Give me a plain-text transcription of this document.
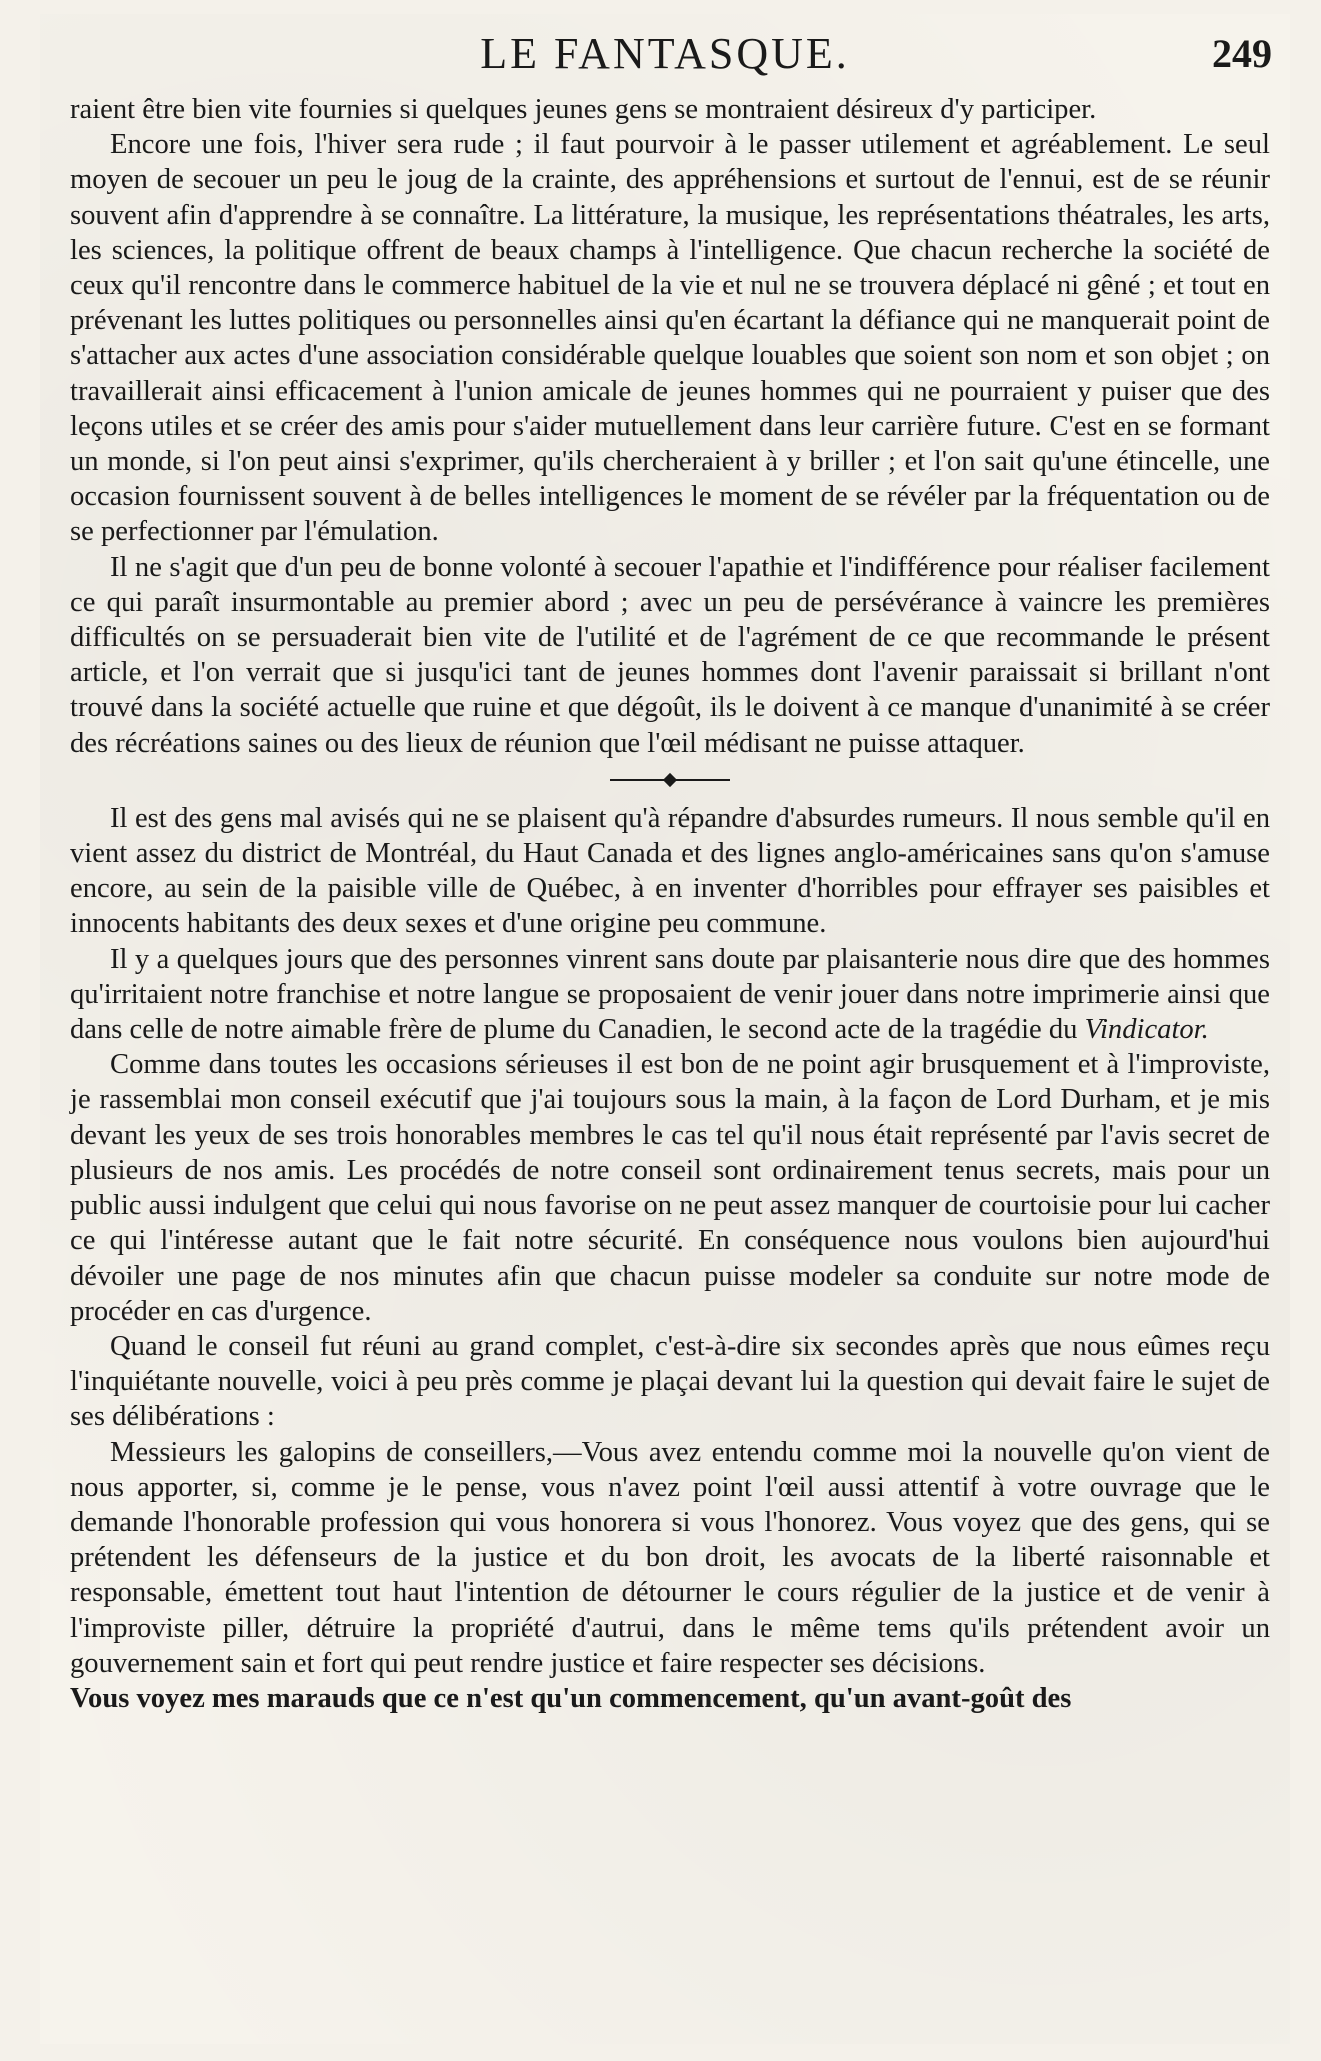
LE FANTASQUE.	249

raient être bien vite fournies si quelques jeunes gens se montraient désireux d'y participer.

Encore une fois, l'hiver sera rude ; il faut pourvoir à le passer utilement et agréablement. Le seul moyen de secouer un peu le joug de la crainte, des appréhensions et surtout de l'ennui, est de se réunir souvent afin d'apprendre à se connaître. La littérature, la musique, les représentations théatrales, les arts, les sciences, la politique offrent de beaux champs à l'intelligence. Que chacun recherche la société de ceux qu'il rencontre dans le commerce habituel de la vie et nul ne se trouvera déplacé ni gêné ; et tout en prévenant les luttes politiques ou personnelles ainsi qu'en écartant la défiance qui ne manquerait point de s'attacher aux actes d'une association considérable quelque louables que soient son nom et son objet ; on travaillerait ainsi efficacement à l'union amicale de jeunes hommes qui ne pourraient y puiser que des leçons utiles et se créer des amis pour s'aider mutuellement dans leur carrière future. C'est en se formant un monde, si l'on peut ainsi s'exprimer, qu'ils chercheraient à y briller ; et l'on sait qu'une étincelle, une occasion fournissent souvent à de belles intelligences le moment de se révéler par la fréquentation ou de se perfectionner par l'émulation.

Il ne s'agit que d'un peu de bonne volonté à secouer l'apathie et l'indifférence pour réaliser facilement ce qui paraît insurmontable au premier abord ; avec un peu de persévérance à vaincre les premières difficultés on se persuaderait bien vite de l'utilité et de l'agrément de ce que recommande le présent article, et l'on verrait que si jusqu'ici tant de jeunes hommes dont l'avenir paraissait si brillant n'ont trouvé dans la société actuelle que ruine et que dégoût, ils le doivent à ce manque d'unanimité à se créer des récréations saines ou des lieux de réunion que l'œil médisant ne puisse attaquer.

Il est des gens mal avisés qui ne se plaisent qu'à répandre d'absurdes rumeurs. Il nous semble qu'il en vient assez du district de Montréal, du Haut Canada et des lignes anglo-américaines sans qu'on s'amuse encore, au sein de la paisible ville de Québec, à en inventer d'horribles pour effrayer ses paisibles et innocents habitants des deux sexes et d'une origine peu commune.

Il y a quelques jours que des personnes vinrent sans doute par plaisanterie nous dire que des hommes qu'irritaient notre franchise et notre langue se proposaient de venir jouer dans notre imprimerie ainsi que dans celle de notre aimable frère de plume du Canadien, le second acte de la tragédie du Vindicator.

Comme dans toutes les occasions sérieuses il est bon de ne point agir brusquement et à l'improviste, je rassemblai mon conseil exécutif que j'ai toujours sous la main, à la façon de Lord Durham, et je mis devant les yeux de ses trois honorables membres le cas tel qu'il nous était représenté par l'avis secret de plusieurs de nos amis. Les procédés de notre conseil sont ordinairement tenus secrets, mais pour un public aussi indulgent que celui qui nous favorise on ne peut assez manquer de courtoisie pour lui cacher ce qui l'intéresse autant que le fait notre sécurité. En conséquence nous voulons bien aujourd'hui dévoiler une page de nos minutes afin que chacun puisse modeler sa conduite sur notre mode de procéder en cas d'urgence.

Quand le conseil fut réuni au grand complet, c'est-à-dire six secondes après que nous eûmes reçu l'inquiétante nouvelle, voici à peu près comme je plaçai devant lui la question qui devait faire le sujet de ses délibérations :

Messieurs les galopins de conseillers,—Vous avez entendu comme moi la nouvelle qu'on vient de nous apporter, si, comme je le pense, vous n'avez point l'œil aussi attentif à votre ouvrage que le demande l'honorable profession qui vous honorera si vous l'honorez. Vous voyez que des gens, qui se prétendent les défenseurs de la justice et du bon droit, les avocats de la liberté raisonnable et responsable, émettent tout haut l'intention de détourner le cours régulier de la justice et de venir à l'improviste piller, détruire la propriété d'autrui, dans le même tems qu'ils prétendent avoir un gouvernement sain et fort qui peut rendre justice et faire respecter ses décisions.

Vous voyez mes marauds que ce n'est qu'un commencement, qu'un avant-goût des
